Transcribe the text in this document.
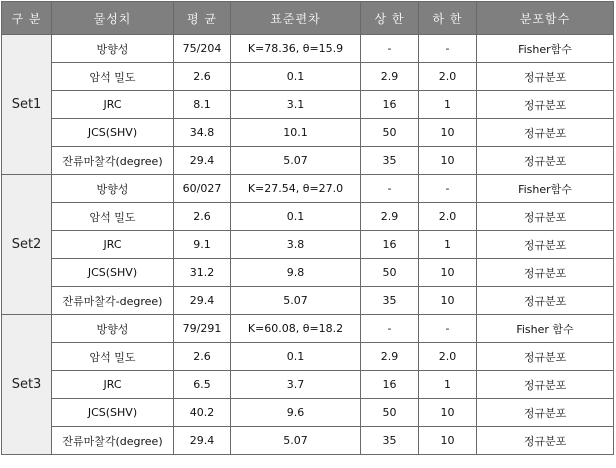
구 분	물성치	평 균	표준편차	상 한	하 한	분포함수
Set1	방향성	75/204	K=78.36, θ=15.9	-	-	Fisher함수
	암석 밀도	2.6	0.1	2.9	2.0	정규분포
	JRC	8.1	3.1	16	1	정규분포
	JCS(SHV)	34.8	10.1	50	10	정규분포
	잔류마찰각(degree)	29.4	5.07	35	10	정규분포
Set2	방향성	60/027	K=27.54, θ=27.0	-	-	Fisher함수
	암석 밀도	2.6	0.1	2.9	2.0	정규분포
	JRC	9.1	3.8	16	1	정규분포
	JCS(SHV)	31.2	9.8	50	10	정규분포
	잔류마찰각-degree)	29.4	5.07	35	10	정규분포
Set3	방향성	79/291	K=60.08, θ=18.2	-	-	Fisher 함수
	암석 밀도	2.6	0.1	2.9	2.0	정규분포
	JRC	6.5	3.7	16	1	정규분포
	JCS(SHV)	40.2	9.6	50	10	정규분포
	잔류마찰각(degree)	29.4	5.07	35	10	정규분포
